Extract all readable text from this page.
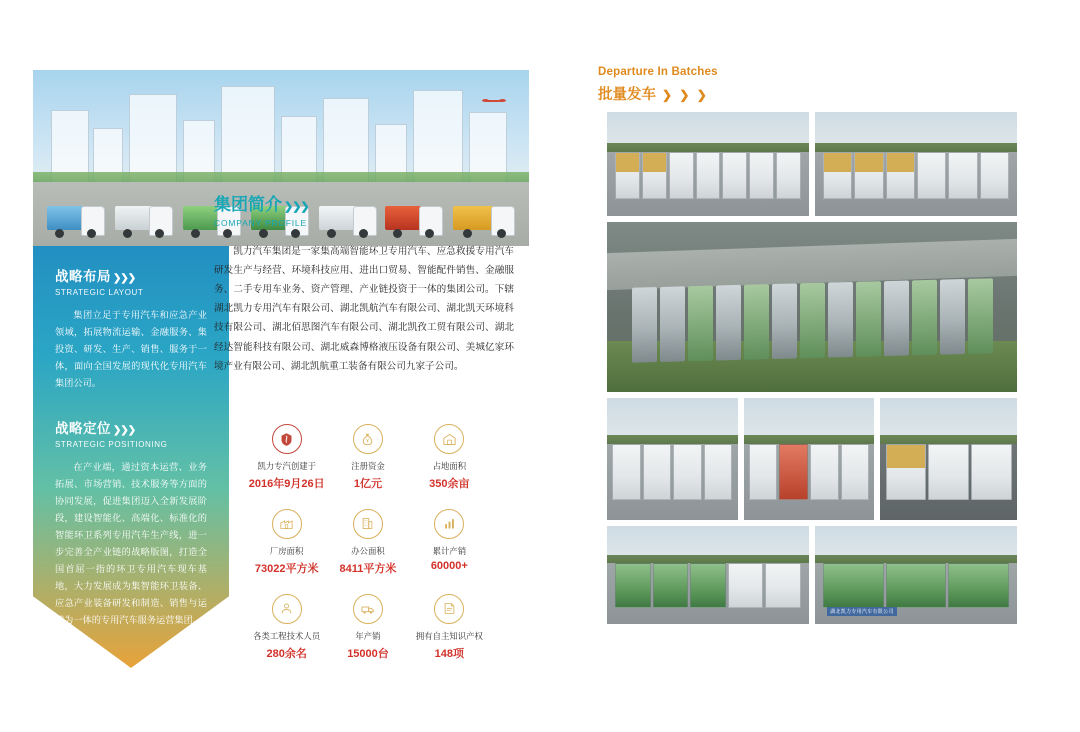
战略布局 ❯❯❯
STRATEGIC LAYOUT
集团立足于专用汽车和应急产业领域，拓展物流运输、金融服务、集投资、研发、生产、销售、服务于一体，面向全国发展的现代化专用汽车集团公司。
战略定位 ❯❯❯
STRATEGIC POSITIONING
在产业端，通过资本运营、业务拓展、市场营销、技术服务等方面的协同发展，促进集团迈入全新发展阶段，建设智能化、高端化、标准化的智能环卫系列专用汽车生产线，进一步完善全产业链的战略版图，打造全国首屈一指的环卫专用汽车现车基地，大力发展成为集智能环卫装备、应急产业装备研发和制造、销售与运营为一体的专用汽车服务运营集团。
集团简介 ❯❯❯
COMPANY PROFILE
凯力汽车集团是一家集高端智能环卫专用汽车、应急救援专用汽车研发生产与经营、环境科技应用、进出口贸易、智能配件销售、金融服务、二手专用车业务、资产管理、产业链投资于一体的集团公司。下辖湖北凯力专用汽车有限公司、湖北凯航汽车有限公司、湖北凯天环境科技有限公司、湖北佰思图汽车有限公司、湖北凯孜工贸有限公司、湖北经达智能科技有限公司、湖北威森博格液压设备有限公司、美城亿家环境产业有限公司、湖北凯航重工装备有限公司九家子公司。
凯力专汽创建于
2016年9月26日
¥
注册资金
1亿元
占地面积
350余亩
厂房面积
73022平方米
办公面积
8411平方米
累计产销
60000+
各类工程技术人员
280余名
年产销
15000台
拥有自主知识产权
148项
Departure In Batches
批量发车 ❯ ❯ ❯
湖北凯力专用汽车有限公司
